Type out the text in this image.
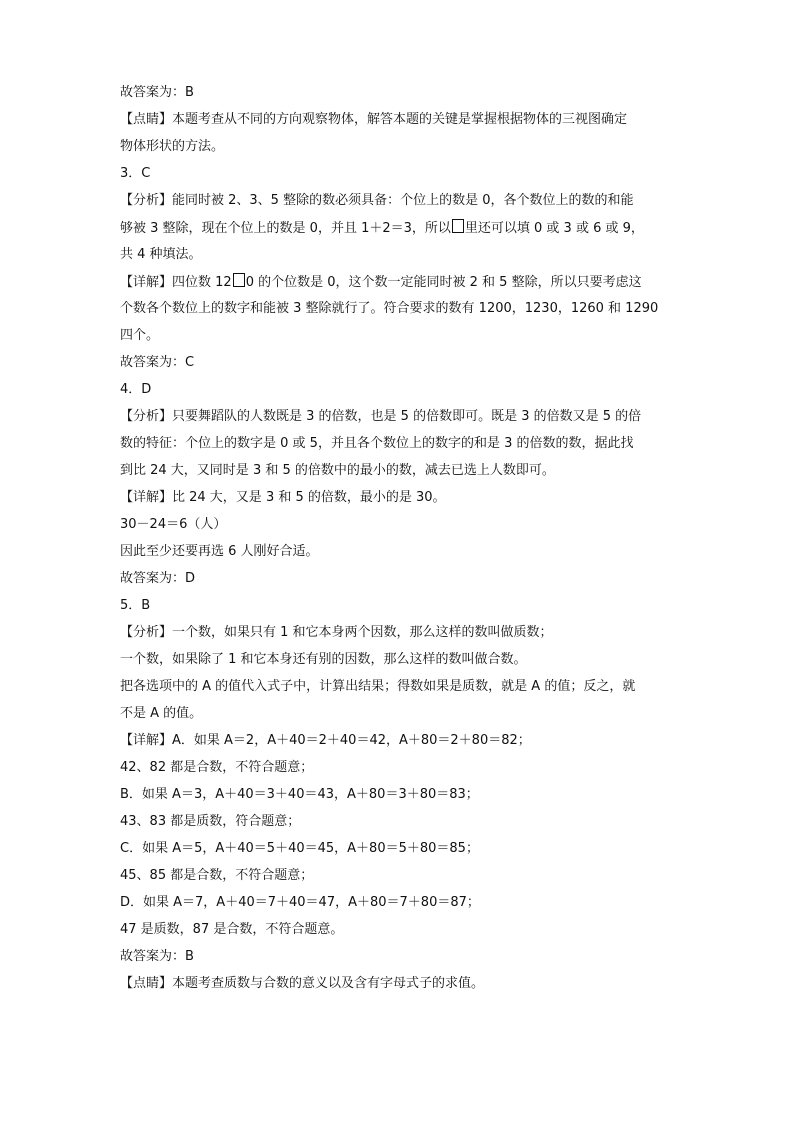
故答案为：B
【点睛】本题考查从不同的方向观察物体，解答本题的关键是掌握根据物体的三视图确定
物体形状的方法。
3．C
【分析】能同时被 2、3、5 整除的数必须具备：个位上的数是 0，各个数位上的数的和能
够被 3 整除，现在个位上的数是 0，并且 1＋2＝3，所以 里还可以填 0 或 3 或 6 或 9，
共 4 种填法。
【详解】四位数 12 0 的个位数是 0，这个数一定能同时被 2 和 5 整除，所以只要考虑这
个数各个数位上的数字和能被 3 整除就行了。符合要求的数有 1200，1230，1260 和 1290
四个。
故答案为：C
4．D
【分析】只要舞蹈队的人数既是 3 的倍数，也是 5 的倍数即可。既是 3 的倍数又是 5 的倍
数的特征：个位上的数字是 0 或 5，并且各个数位上的数字的和是 3 的倍数的数，据此找
到比 24 大，又同时是 3 和 5 的倍数中的最小的数，减去已选上人数即可。
【详解】比 24 大，又是 3 和 5 的倍数，最小的是 30。
30－24＝6（人）
因此至少还要再选 6 人刚好合适。
故答案为：D
5．B
【分析】一个数，如果只有 1 和它本身两个因数，那么这样的数叫做质数；
一个数，如果除了 1 和它本身还有别的因数，那么这样的数叫做合数。
把各选项中的 A 的值代入式子中，计算出结果；得数如果是质数，就是 A 的值；反之，就
不是 A 的值。
【详解】A．如果 A＝2，A＋40＝2＋40＝42，A＋80＝2＋80＝82；
42、82 都是合数，不符合题意；
B．如果 A＝3，A＋40＝3＋40＝43，A＋80＝3＋80＝83；
43、83 都是质数，符合题意；
C．如果 A＝5，A＋40＝5＋40＝45，A＋80＝5＋80＝85；
45、85 都是合数，不符合题意；
D．如果 A＝7，A＋40＝7＋40＝47，A＋80＝7＋80＝87；
47 是质数，87 是合数，不符合题意。
故答案为：B
【点睛】本题考查质数与合数的意义以及含有字母式子的求值。
